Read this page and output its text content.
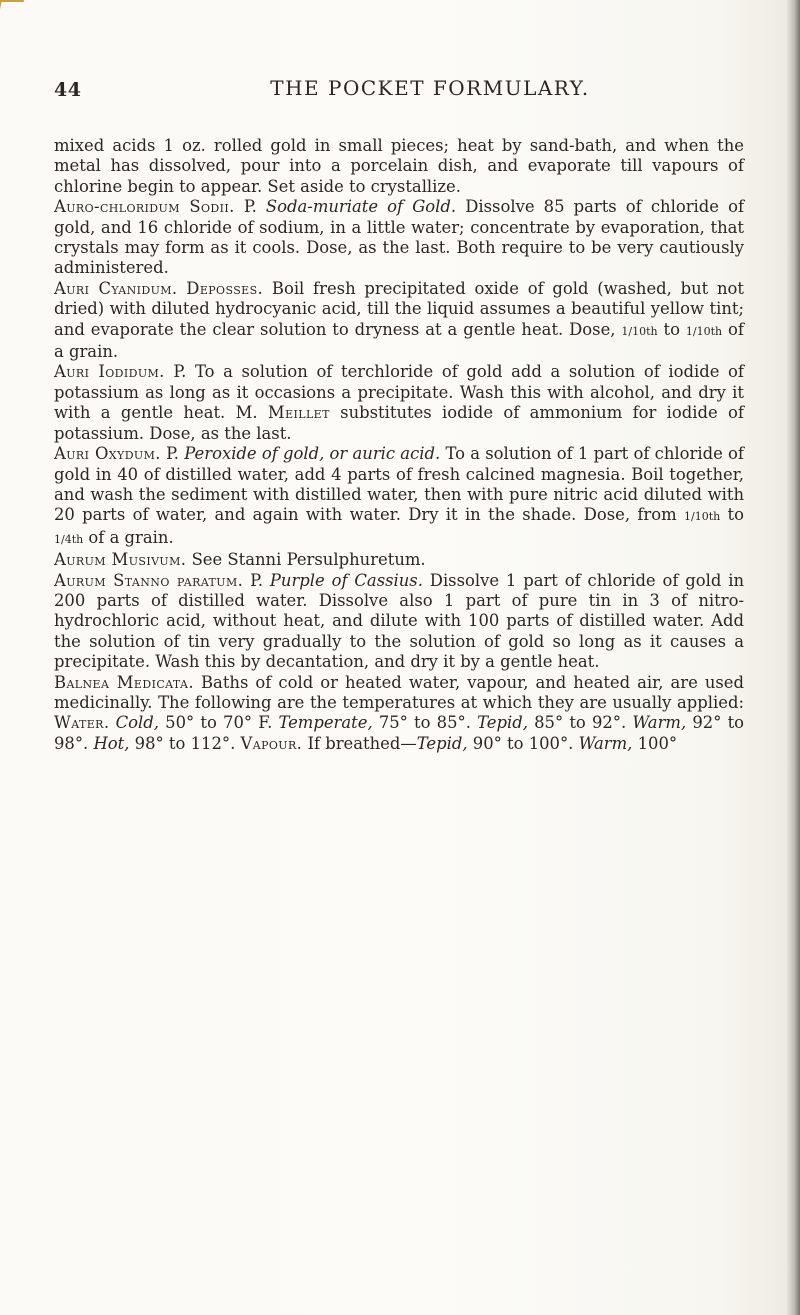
44	THE POCKET FORMULARY.
mixed acids 1 oz. rolled gold in small pieces; heat by sand-bath, and when the metal has dissolved, pour into a porcelain dish, and evaporate till vapours of chlorine begin to appear. Set aside to crystallize.
Auro-chloridum Sodii. P. Soda-muriate of Gold. Dissolve 85 parts of chloride of gold, and 16 chloride of sodium, in a little water; concentrate by evaporation, that crystals may form as it cools. Dose, as the last. Both require to be very cautiously administered.
Auri Cyanidum. Deposses. Boil fresh precipitated oxide of gold (washed, but not dried) with diluted hydrocyanic acid, till the liquid assumes a beautiful yellow tint; and evaporate the clear solution to dryness at a gentle heat. Dose, 1/10th to 1/10th of a grain.
Auri Iodidum. P. To a solution of terchloride of gold add a solution of iodide of potassium as long as it occasions a precipitate. Wash this with alcohol, and dry it with a gentle heat. M. Meillet substitutes iodide of ammonium for iodide of potassium. Dose, as the last.
Auri Oxydum. P. Peroxide of gold, or auric acid. To a solution of 1 part of chloride of gold in 40 of distilled water, add 4 parts of fresh calcined magnesia. Boil together, and wash the sediment with distilled water, then with pure nitric acid diluted with 20 parts of water, and again with water. Dry it in the shade. Dose, from 1/10th to 1/4th of a grain.
Aurum Musivum. See Stanni Persulphuretum.
Aurum Stanno paratum. P. Purple of Cassius. Dissolve 1 part of chloride of gold in 200 parts of distilled water. Dissolve also 1 part of pure tin in 3 of nitro-hydrochloric acid, without heat, and dilute with 100 parts of distilled water. Add the solution of tin very gradually to the solution of gold so long as it causes a precipitate. Wash this by decantation, and dry it by a gentle heat.
Balnea Medicata. Baths of cold or heated water, vapour, and heated air, are used medicinally. The following are the temperatures at which they are usually applied: Water. Cold, 50° to 70° F. Temperate, 75° to 85°. Tepid, 85° to 92°. Warm, 92° to 98°. Hot, 98° to 112°. Vapour. If breathed—Tepid, 90° to 100°. Warm, 100°
